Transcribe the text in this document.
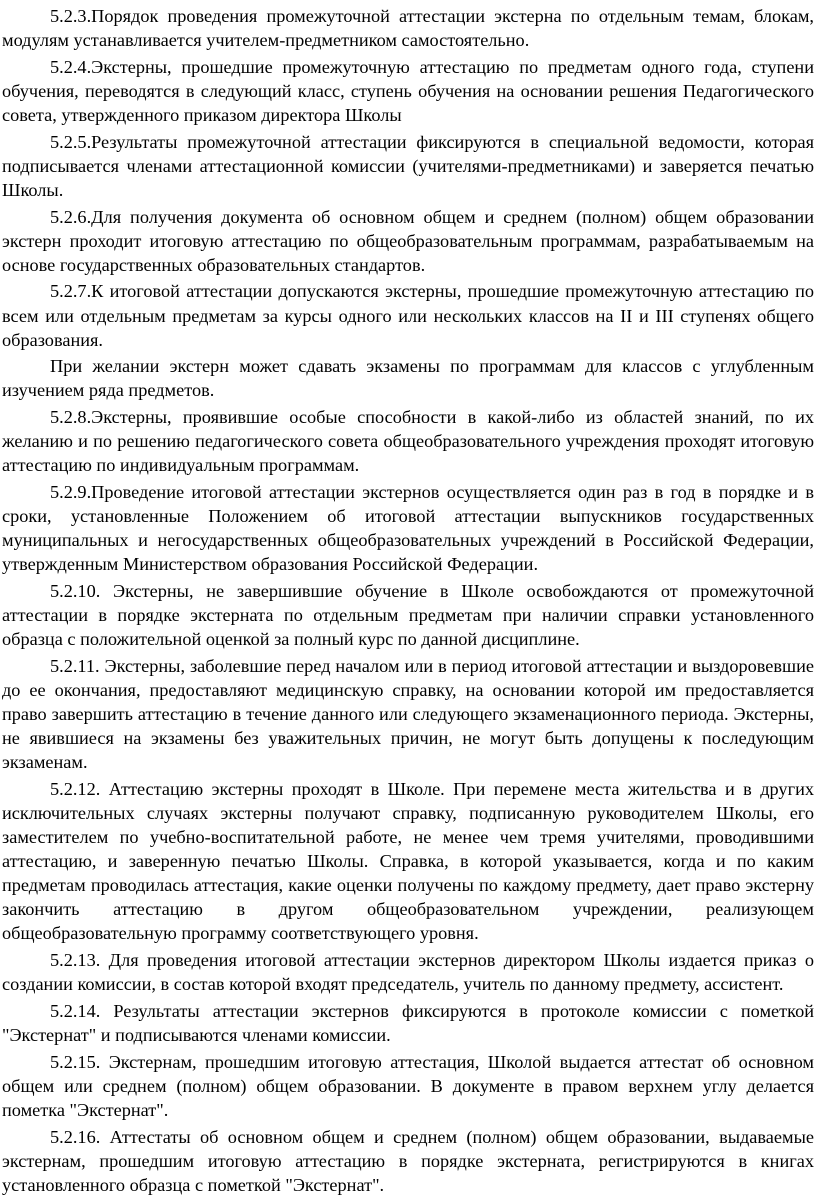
5.2.3.Порядок проведения промежуточной аттестации экстерна по отдельным темам, блокам, модулям устанавливается учителем-предметником самостоятельно.

5.2.4.Экстерны, прошедшие промежуточную аттестацию по предметам одного года, ступени обучения, переводятся в следующий класс, ступень обучения на основании решения Педагогического совета, утвержденного приказом директора Школы

5.2.5.Результаты промежуточной аттестации фиксируются в специальной ведомости, которая подписывается членами аттестационной комиссии (учителями-предметниками) и заверяется печатью Школы.

5.2.6.Для получения документа об основном общем и среднем (полном) общем образовании экстерн проходит итоговую аттестацию по общеобразовательным программам, разрабатываемым на основе государственных образовательных стандартов.

5.2.7.К итоговой аттестации допускаются экстерны, прошедшие промежуточную аттестацию по всем или отдельным предметам за курсы одного или нескольких классов на II и III ступенях общего образования.

При желании экстерн может сдавать экзамены по программам для классов с углубленным изучением ряда предметов.

5.2.8.Экстерны, проявившие особые способности в какой-либо из областей знаний, по их желанию и по решению педагогического совета общеобразовательного учреждения проходят итоговую аттестацию по индивидуальным программам.

5.2.9.Проведение итоговой аттестации экстернов осуществляется один раз в год в порядке и в сроки, установленные Положением об итоговой аттестации выпускников государственных муниципальных и негосударственных общеобразовательных учреждений в Российской Федерации, утвержденным Министерством образования Российской Федерации.

5.2.10. Экстерны, не завершившие обучение в Школе освобождаются от промежуточной аттестации в порядке экстерната по отдельным предметам при наличии справки установленного образца с положительной оценкой за полный курс по данной дисциплине.

5.2.11. Экстерны, заболевшие перед началом или в период итоговой аттестации и выздоровевшие до ее окончания, предоставляют медицинскую справку, на основании которой им предоставляется право завершить аттестацию в течение данного или следующего экзаменационного периода. Экстерны, не явившиеся на экзамены без уважительных причин, не могут быть допущены к последующим экзаменам.

5.2.12. Аттестацию экстерны проходят в Школе. При перемене места жительства и в других исключительных случаях экстерны получают справку, подписанную руководителем Школы, его заместителем по учебно-воспитательной работе, не менее чем тремя учителями, проводившими аттестацию, и заверенную печатью Школы. Справка, в которой указывается, когда и по каким предметам проводилась аттестация, какие оценки получены по каждому предмету, дает право экстерну закончить аттестацию в другом общеобразовательном учреждении, реализующем общеобразовательную программу соответствующего уровня.

5.2.13. Для проведения итоговой аттестации экстернов директором Школы издается приказ о создании комиссии, в состав которой входят председатель, учитель по данному предмету, ассистент.

5.2.14. Результаты аттестации экстернов фиксируются в протоколе комиссии с пометкой "Экстернат" и подписываются членами комиссии.

5.2.15. Экстернам, прошедшим итоговую аттестация, Школой выдается аттестат об основном общем или среднем (полном) общем образовании. В документе в правом верхнем углу делается пометка "Экстернат".

5.2.16. Аттестаты об основном общем и среднем (полном) общем образовании, выдаваемые экстернам, прошедшим итоговую аттестацию в порядке экстерната, регистрируются в книгах установленного образца с пометкой "Экстернат".
